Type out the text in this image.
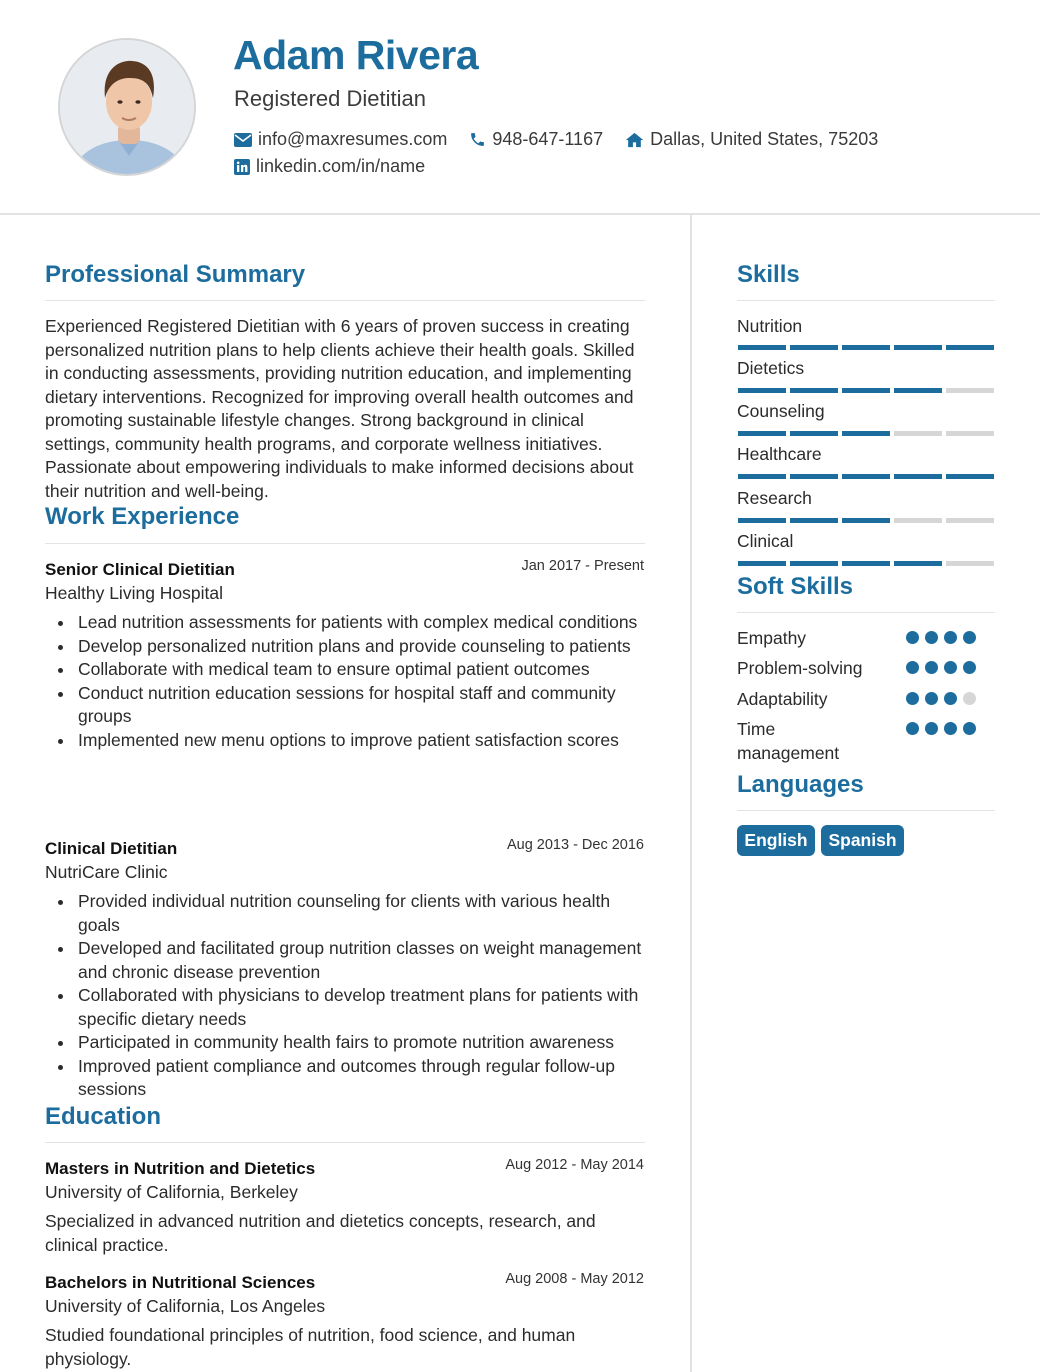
Adam Rivera
Registered Dietitian
info@maxresumes.com	948-647-1167	Dallas, United States, 75203
linkedin.com/in/name
Professional Summary
Experienced Registered Dietitian with 6 years of proven success in creating personalized nutrition plans to help clients achieve their health goals. Skilled in conducting assessments, providing nutrition education, and implementing dietary interventions. Recognized for improving overall health outcomes and promoting sustainable lifestyle changes. Strong background in clinical settings, community health programs, and corporate wellness initiatives. Passionate about empowering individuals to make informed decisions about their nutrition and well-being.
Work Experience
Senior Clinical Dietitian	Jan 2017 - Present
Healthy Living Hospital
Lead nutrition assessments for patients with complex medical conditions
Develop personalized nutrition plans and provide counseling to patients
Collaborate with medical team to ensure optimal patient outcomes
Conduct nutrition education sessions for hospital staff and community groups
Implemented new menu options to improve patient satisfaction scores
Clinical Dietitian	Aug 2013 - Dec 2016
NutriCare Clinic
Provided individual nutrition counseling for clients with various health goals
Developed and facilitated group nutrition classes on weight management and chronic disease prevention
Collaborated with physicians to develop treatment plans for patients with specific dietary needs
Participated in community health fairs to promote nutrition awareness
Improved patient compliance and outcomes through regular follow-up sessions
Education
Masters in Nutrition and Dietetics	Aug 2012 - May 2014
University of California, Berkeley
Specialized in advanced nutrition and dietetics concepts, research, and clinical practice.
Bachelors in Nutritional Sciences	Aug 2008 - May 2012
University of California, Los Angeles
Studied foundational principles of nutrition, food science, and human physiology.
Skills
Nutrition
Dietetics
Counseling
Healthcare
Research
Clinical
Soft Skills
Empathy
Problem-solving
Adaptability
Time management
Languages
English	Spanish
